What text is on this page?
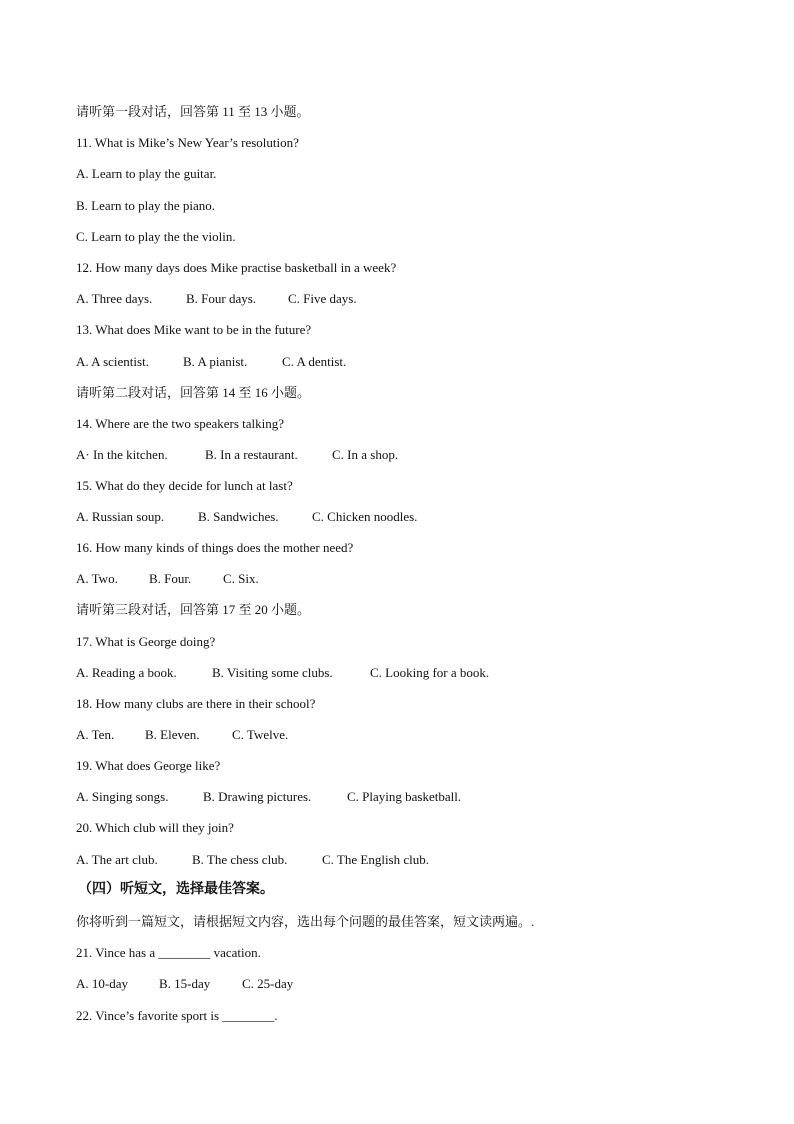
请听第一段对话，回答第 11 至 13 小题。
11. What is Mike’s New Year’s resolution?
A. Learn to play the guitar.
B. Learn to play the piano.
C. Learn to play the the violin.
12. How many days does Mike practise basketball in a week?
A. Three days.	B. Four days.	C. Five days.
13. What does Mike want to be in the future?
A. A scientist.	B. A pianist.	C. A dentist.
请听第二段对话，回答第 14 至 16 小题。
14. Where are the two speakers talking?
A· In the kitchen.	B. In a restaurant.	C. In a shop.
15. What do they decide for lunch at last?
A. Russian soup.	B. Sandwiches.	C. Chicken noodles.
16. How many kinds of things does the mother need?
A. Two.	B. Four.	C. Six.
请听第三段对话，回答第 17 至 20 小题。
17. What is George doing?
A. Reading a book.	B. Visiting some clubs.	C. Looking for a book.
18. How many clubs are there in their school?
A. Ten.	B. Eleven.	C. Twelve.
19. What does George like?
A. Singing songs.	B. Drawing pictures.	C. Playing basketball.
20. Which club will they join?
A. The art club.	B. The chess club.	C. The English club.
（四）听短文，选择最佳答案。
你将听到一篇短文，请根据短文内容，选出每个问题的最佳答案，短文读两遍。.
21. Vince has a ________ vacation.
A. 10-day	B. 15-day	C. 25-day
22. Vince’s favorite sport is ________.
